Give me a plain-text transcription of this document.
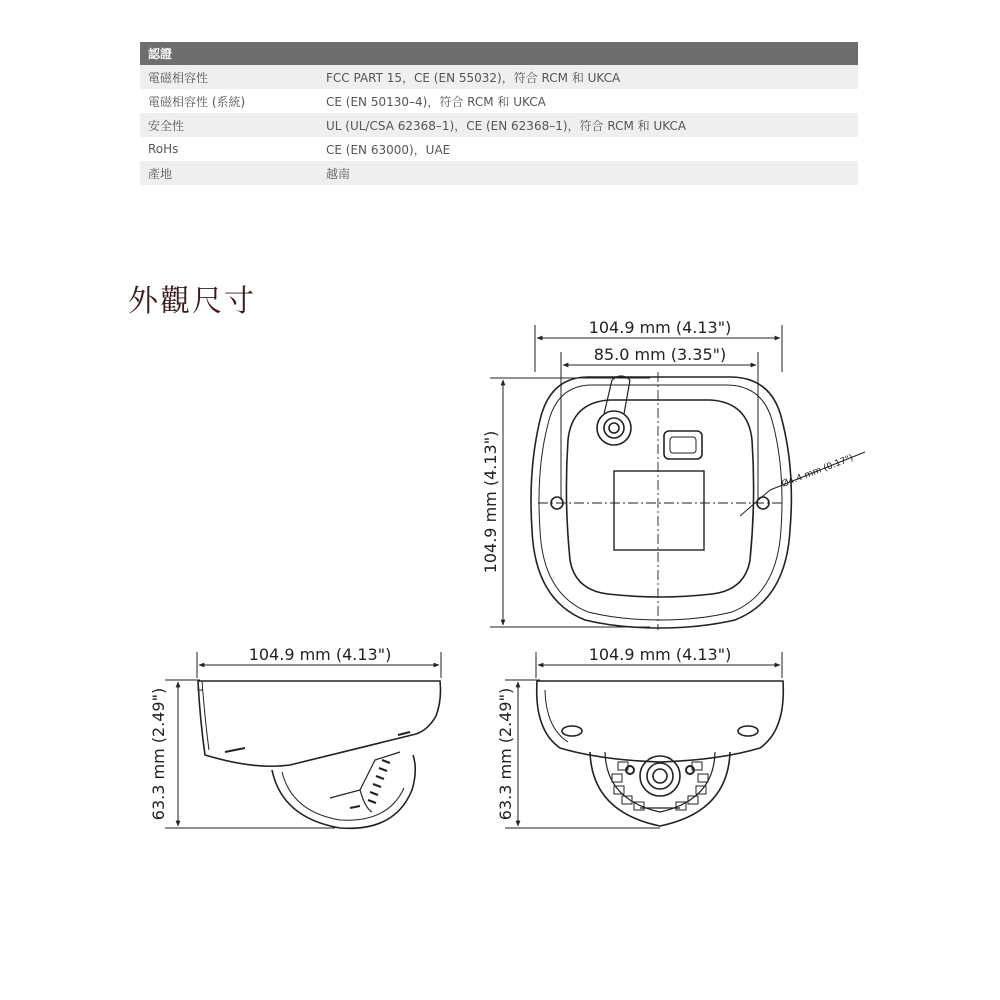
認證	
電磁相容性	FCC PART 15，CE (EN 55032)，符合 RCM 和 UKCA
電磁相容性 (系統)	CE (EN 50130–4)，符合 RCM 和 UKCA
安全性	UL (UL/CSA 62368–1)，CE (EN 62368–1)，符合 RCM 和 UKCA
RoHs	CE (EN 63000)，UAE
產地	越南
外觀尺寸
104.9 mm (4.13")
85.0 mm (3.35")
104.9 mm (4.13")	Ø4.4 mm (0.17")
104.9 mm (4.13")
63.3 mm (2.49")
104.9 mm (4.13")
63.3 mm (2.49")
